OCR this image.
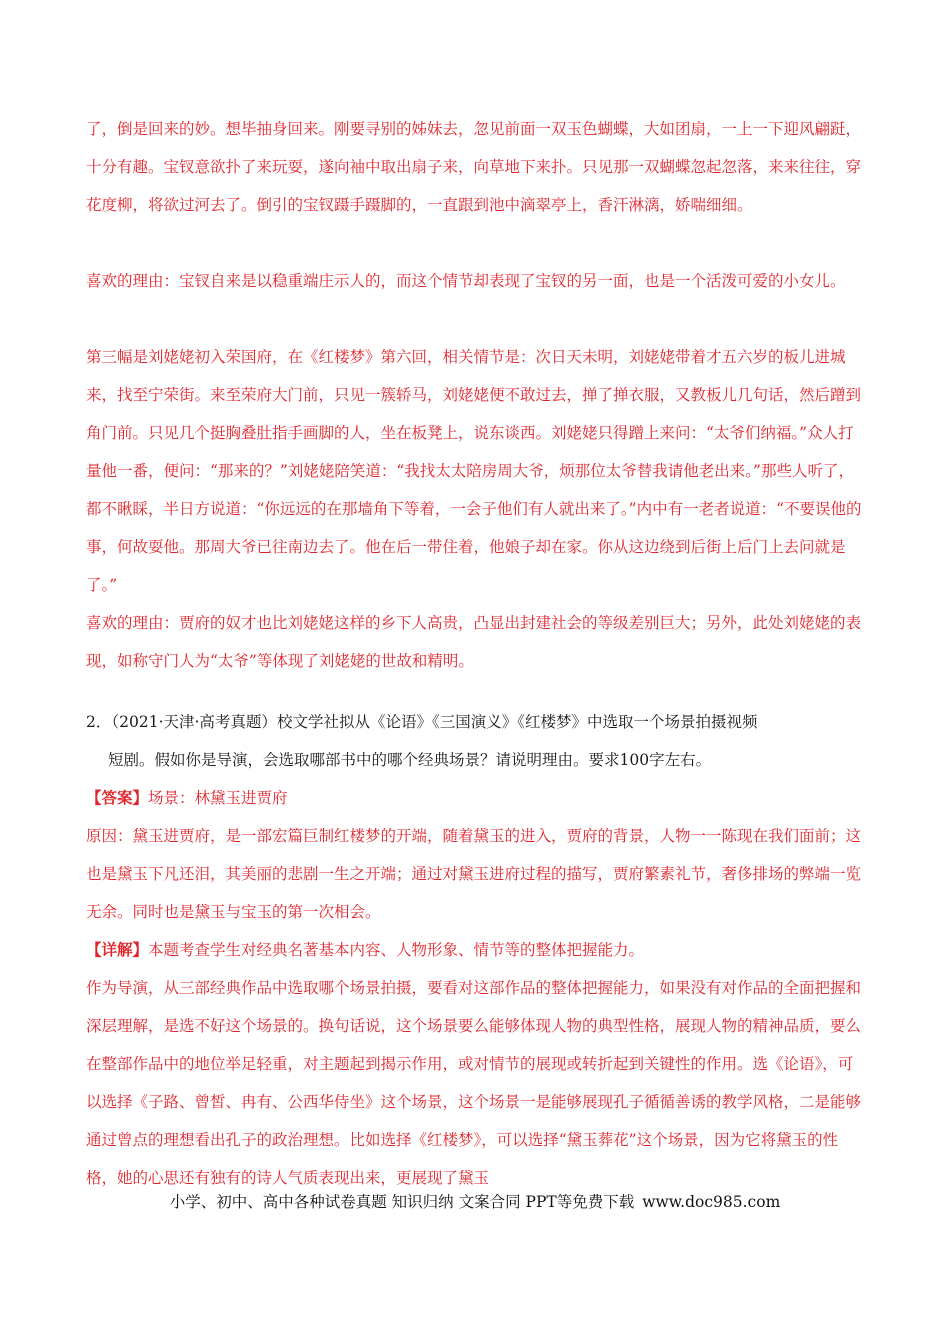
了，倒是回来的妙。想毕抽身回来。刚要寻别的姊妹去，忽见前面一双玉色蝴蝶，大如团扇，一上一下迎风翩跹，十分有趣。宝钗意欲扑了来玩耍，遂向袖中取出扇子来，向草地下来扑。只见那一双蝴蝶忽起忽落，来来往往，穿花度柳，将欲过河去了。倒引的宝钗蹑手蹑脚的，一直跟到池中滴翠亭上，香汗淋漓，娇喘细细。

喜欢的理由：宝钗自来是以稳重端庄示人的，而这个情节却表现了宝钗的另一面，也是一个活泼可爱的小女儿。

第三幅是刘姥姥初入荣国府，在《红楼梦》第六回，相关情节是：次日天未明，刘姥姥带着才五六岁的板儿进城来，找至宁荣街。来至荣府大门前，只见一簇轿马，刘姥姥便不敢过去，掸了掸衣服，又教板儿几句话，然后蹭到角门前。只见几个挺胸叠肚指手画脚的人，坐在板凳上，说东谈西。刘姥姥只得蹭上来问：“太爷们纳福。”众人打量他一番，便问：“那来的？”刘姥姥陪笑道：“我找太太陪房周大爷，烦那位太爷替我请他老出来。”那些人听了，都不瞅睬，半日方说道：“你远远的在那墙角下等着，一会子他们有人就出来了。”内中有一老者说道：“不要误他的事，何故耍他。那周大爷已往南边去了。他在后一带住着，他娘子却在家。你从这边绕到后街上后门上去问就是了。”

喜欢的理由：贾府的奴才也比刘姥姥这样的乡下人高贵，凸显出封建社会的等级差别巨大；另外，此处刘姥姥的表现，如称守门人为“太爷”等体现了刘姥姥的世故和精明。

2．（2021·天津·高考真题）校文学社拟从《论语》《三国演义》《红楼梦》中选取一个场景拍摄视频
短剧。假如你是导演，会选取哪部书中的哪个经典场景？请说明理由。要求100字左右。

【答案】场景：林黛玉进贾府

原因：黛玉进贾府，是一部宏篇巨制红楼梦的开端，随着黛玉的进入，贾府的背景，人物一一陈现在我们面前；这也是黛玉下凡还泪，其美丽的悲剧一生之开端；通过对黛玉进府过程的描写，贾府繁素礼节，奢侈排场的弊端一览无余。同时也是黛玉与宝玉的第一次相会。

【详解】本题考查学生对经典名著基本内容、人物形象、情节等的整体把握能力。

作为导演，从三部经典作品中选取哪个场景拍摄，要看对这部作品的整体把握能力，如果没有对作品的全面把握和深层理解，是选不好这个场景的。换句话说，这个场景要么能够体现人物的典型性格，展现人物的精神品质，要么在整部作品中的地位举足轻重，对主题起到揭示作用，或对情节的展现或转折起到关键性的作用。选《论语》，可以选择《子路、曾皙、冉有、公西华侍坐》这个场景，这个场景一是能够展现孔子循循善诱的教学风格，二是能够通过曾点的理想看出孔子的政治理想。比如选择《红楼梦》，可以选择“黛玉葬花”这个场景，因为它将黛玉的性格，她的心思还有独有的诗人气质表现出来，更展现了黛玉

小学、初中、高中各种试卷真题 知识归纳 文案合同 PPT等免费下载 www.doc985.com
